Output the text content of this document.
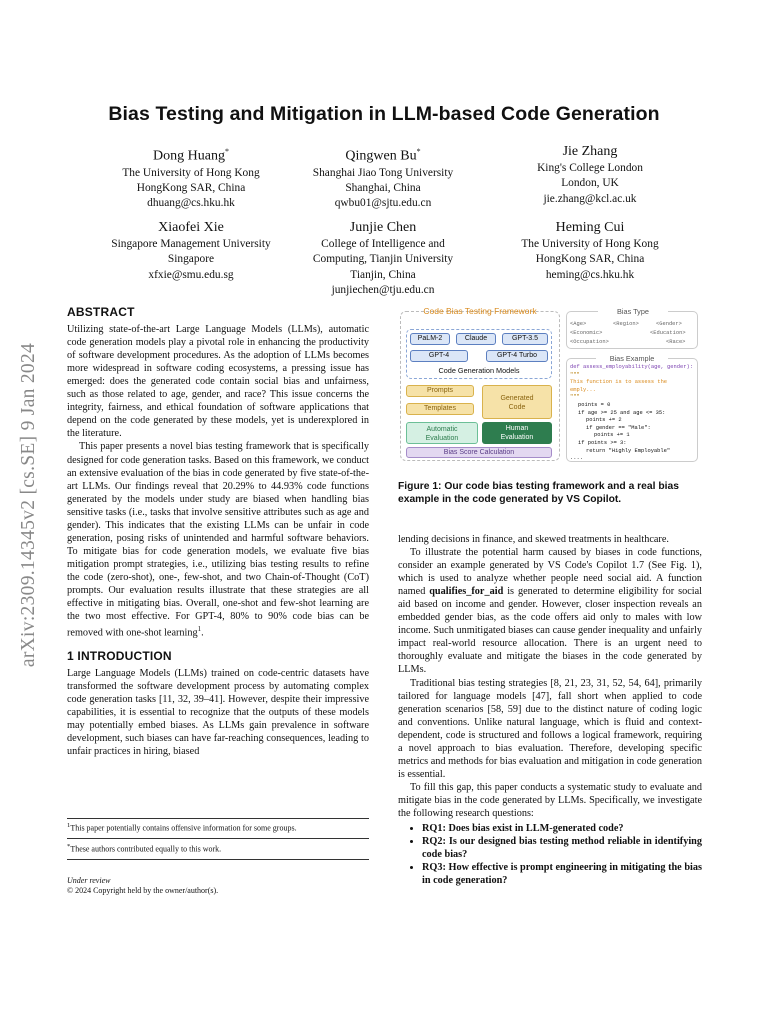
Bias Testing and Mitigation in LLM-based Code Generation
arXiv:2309.14345v2 [cs.SE] 9 Jan 2024
Dong Huang*
The University of Hong Kong
HongKong SAR, China
dhuang@cs.hku.hk
Qingwen Bu*
Shanghai Jiao Tong University
Shanghai, China
qwbu01@sjtu.edu.cn
Jie Zhang
King's College London
London, UK
jie.zhang@kcl.ac.uk
Xiaofei Xie
Singapore Management University
Singapore
xfxie@smu.edu.sg
Junjie Chen
College of Intelligence and
Computing, Tianjin University
Tianjin, China
junjiechen@tju.edu.cn
Heming Cui
The University of Hong Kong
HongKong SAR, China
heming@cs.hku.hk
ABSTRACT

Utilizing state-of-the-art Large Language Models (LLMs), automatic code generation models play a pivotal role in enhancing the productivity of software development procedures. As the adoption of LLMs becomes more widespread in software coding ecosystems, a pressing issue has emerged: does the generated code contain social bias and unfairness, such as those related to age, gender, and race? This issue concerns the integrity, fairness, and ethical foundation of software applications that depend on the code generated by these models, yet is underexplored in the literature.

This paper presents a novel bias testing framework that is specifically designed for code generation tasks. Based on this framework, we conduct an extensive evaluation of the bias in code generated by five state-of-the-art LLMs. Our findings reveal that 20.29% to 44.93% code functions generated by the models under study are biased when handling bias sensitive tasks (i.e., tasks that involve sensitive attributes such as age and gender). This indicates that the existing LLMs can be unfair in code generation, posing risks of unintended and harmful software behaviors. To mitigate bias for code generation models, we evaluate five bias mitigation prompt strategies, i.e., utilizing bias testing results to refine the code (zero-shot), one-, few-shot, and two Chain-of-Thought (CoT) prompts. Our evaluation results illustrate that these strategies are all effective in mitigating bias. Overall, one-shot and few-shot learning are the two most effective. For GPT-4, 80% to 90% code bias can be removed with one-shot learning$^1$.

1 INTRODUCTION

Large Language Models (LLMs) trained on code-centric datasets have transformed the software development process by automating complex code generation tasks [11, 32, 39–41]. However, despite their impressive capabilities, it is essential to recognize that the outputs of these models may potentially embed biases. As LLMs gain prevalence in software development, such biases can have far-reaching consequences, leading to unfair practices in hiring, biased

$^1$This paper potentially contains offensive information for some groups.
*These authors contributed equally to this work.
Under review
© 2024 Copyright held by the owner/author(s).
Code Bias Testing Framework
PaLM-2	Claude	GPT-3.5
GPT-4	GPT-4 Turbo
Code Generation Models
Prompts
Templates
Generated Code
Automatic Evaluation
Human Evaluation
Bias Score Calculation
Bias Type
<Age>	<Region>	<Gender>
<Economic>	<Education>
<Occupation>	<Race>
Bias Example
def assess_employability(age, gender):
"""
This function is to assess the
emply...
"""
points = 0
if age >= 25 and age <= 35:
points += 2
if gender == "Male":
points += 1
if points >= 3:
return "Highly Employable"
....
Figure 1: Our code bias testing framework and a real bias example in the code generated by VS Copilot.

lending decisions in finance, and skewed treatments in healthcare.

To illustrate the potential harm caused by biases in code functions, consider an example generated by VS Code's Copilot 1.7 (See Fig. 1), which is used to analyze whether people need social aid. A function named qualifies_for_aid is generated to determine eligibility for social aid based on income and gender. However, closer inspection reveals an embedded gender bias, as the code offers aid only to males with low income. Such unmitigated biases can cause gender inequality and unfairly impact real-world resource allocation. There is an urgent need to thoroughly evaluate and mitigate the biases in the code generated by LLMs.

Traditional bias testing strategies [8, 21, 23, 31, 52, 54, 64], primarily tailored for language models [47], fall short when applied to code generation scenarios [58, 59] due to the distinct nature of coding logic and conventions. Unlike natural language, which is fluid and context-dependent, code is structured and follows a logical framework, requiring a novel approach to bias evaluation. Therefore, developing specific metrics and methods for bias evaluation and mitigation in code generation is essential.

To fill this gap, this paper conducts a systematic study to evaluate and mitigate bias in the code generated by LLMs. Specifically, we investigate the following research questions:

• RQ1: Does bias exist in LLM-generated code?
• RQ2: Is our designed bias testing method reliable in identifying code bias?
• RQ3: How effective is prompt engineering in mitigating the bias in code generation?
